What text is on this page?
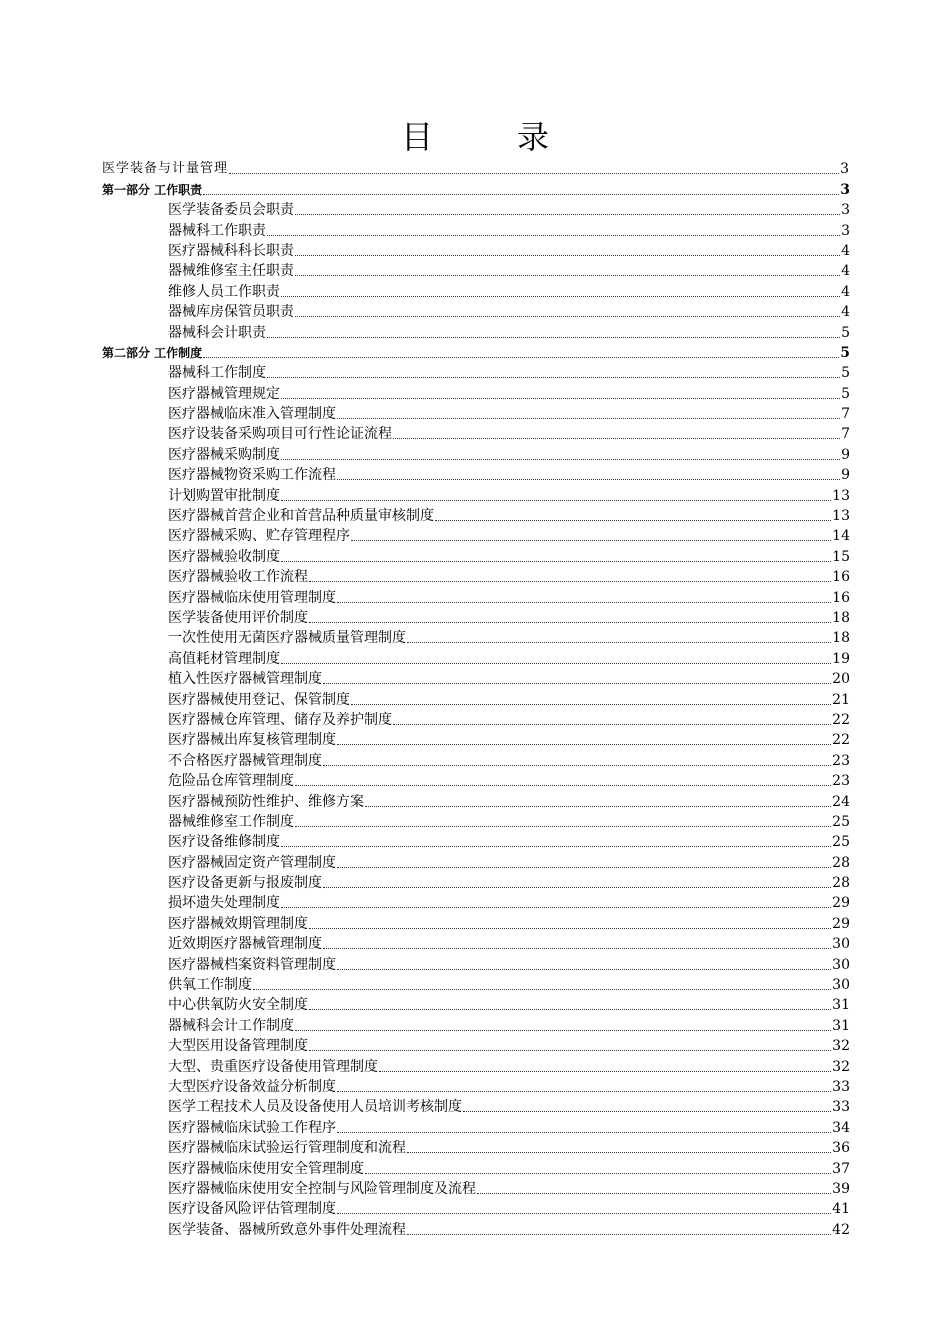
目	录
医学装备与计量管理	3
第一部分 工作职责	3
医学装备委员会职责	3
器械科工作职责	3
医疗器械科科长职责	4
器械维修室主任职责	4
维修人员工作职责	4
器械库房保管员职责	4
器械科会计职责	5
第二部分 工作制度	5
器械科工作制度	5
医疗器械管理规定	5
医疗器械临床准入管理制度	7
医疗设装备采购项目可行性论证流程	7
医疗器械采购制度	9
医疗器械物资采购工作流程	9
计划购置审批制度	13
医疗器械首营企业和首营品种质量审核制度	13
医疗器械采购、贮存管理程序	14
医疗器械验收制度	15
医疗器械验收工作流程	16
医疗器械临床使用管理制度	16
医学装备使用评价制度	18
一次性使用无菌医疗器械质量管理制度	18
高值耗材管理制度	19
植入性医疗器械管理制度	20
医疗器械使用登记、保管制度	21
医疗器械仓库管理、储存及养护制度	22
医疗器械出库复核管理制度	22
不合格医疗器械管理制度	23
危险品仓库管理制度	23
医疗器械预防性维护、维修方案	24
器械维修室工作制度	25
医疗设备维修制度	25
医疗器械固定资产管理制度	28
医疗设备更新与报废制度	28
损坏遗失处理制度	29
医疗器械效期管理制度	29
近效期医疗器械管理制度	30
医疗器械档案资料管理制度	30
供氧工作制度	30
中心供氧防火安全制度	31
器械科会计工作制度	31
大型医用设备管理制度	32
大型、贵重医疗设备使用管理制度	32
大型医疗设备效益分析制度	33
医学工程技术人员及设备使用人员培训考核制度	33
医疗器械临床试验工作程序	34
医疗器械临床试验运行管理制度和流程	36
医疗器械临床使用安全管理制度	37
医疗器械临床使用安全控制与风险管理制度及流程	39
医疗设备风险评估管理制度	41
医学装备、器械所致意外事件处理流程	42
